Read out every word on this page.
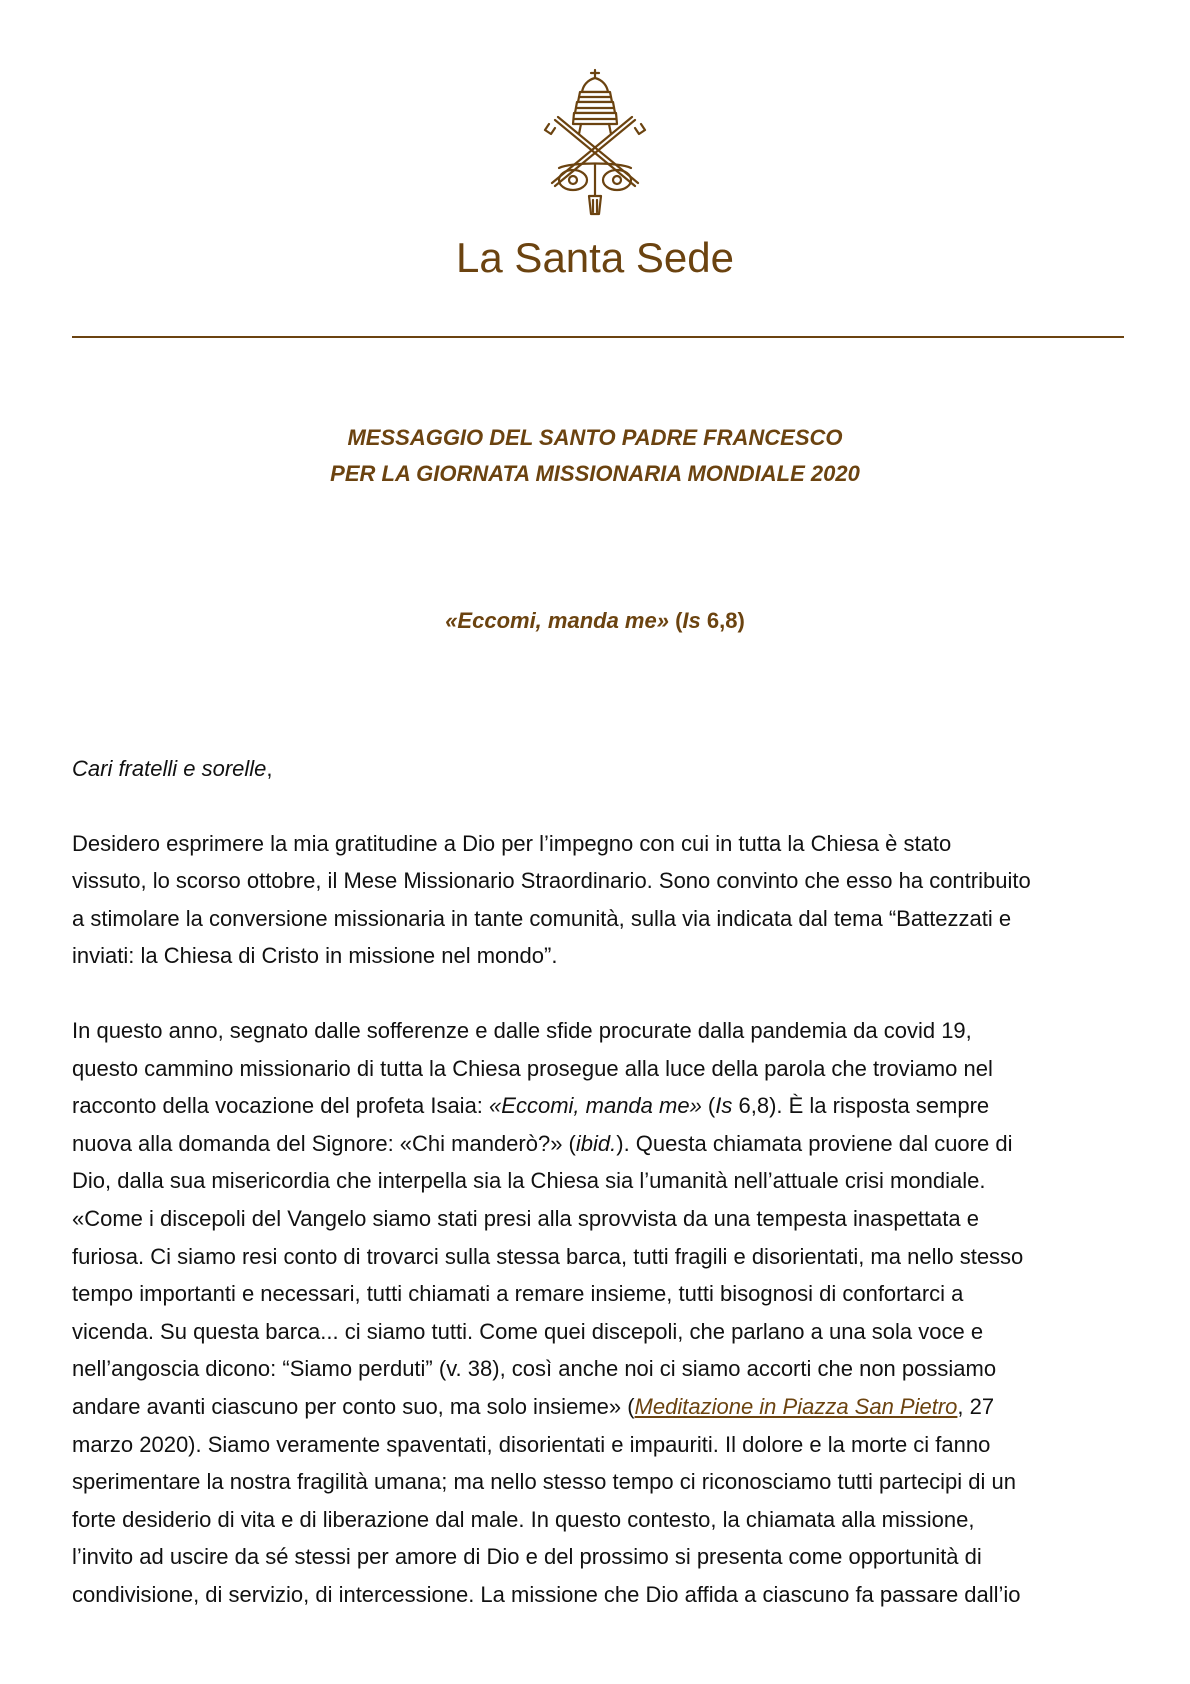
La Santa Sede
MESSAGGIO DEL SANTO PADRE FRANCESCO
PER LA GIORNATA MISSIONARIA MONDIALE 2020
«Eccomi, manda me» (Is 6,8)
Cari fratelli e sorelle,
Desidero esprimere la mia gratitudine a Dio per l’impegno con cui in tutta la Chiesa è stato
vissuto, lo scorso ottobre, il Mese Missionario Straordinario. Sono convinto che esso ha contribuito
a stimolare la conversione missionaria in tante comunità, sulla via indicata dal tema “Battezzati e
inviati: la Chiesa di Cristo in missione nel mondo”.
In questo anno, segnato dalle sofferenze e dalle sfide procurate dalla pandemia da covid 19,
questo cammino missionario di tutta la Chiesa prosegue alla luce della parola che troviamo nel
racconto della vocazione del profeta Isaia: «Eccomi, manda me» (Is 6,8). È la risposta sempre
nuova alla domanda del Signore: «Chi manderò?» (ibid.). Questa chiamata proviene dal cuore di
Dio, dalla sua misericordia che interpella sia la Chiesa sia l’umanità nell’attuale crisi mondiale.
«Come i discepoli del Vangelo siamo stati presi alla sprovvista da una tempesta inaspettata e
furiosa. Ci siamo resi conto di trovarci sulla stessa barca, tutti fragili e disorientati, ma nello stesso
tempo importanti e necessari, tutti chiamati a remare insieme, tutti bisognosi di confortarci a
vicenda. Su questa barca... ci siamo tutti. Come quei discepoli, che parlano a una sola voce e
nell’angoscia dicono: “Siamo perduti” (v. 38), così anche noi ci siamo accorti che non possiamo
andare avanti ciascuno per conto suo, ma solo insieme» (Meditazione in Piazza San Pietro, 27
marzo 2020). Siamo veramente spaventati, disorientati e impauriti. Il dolore e la morte ci fanno
sperimentare la nostra fragilità umana; ma nello stesso tempo ci riconosciamo tutti partecipi di un
forte desiderio di vita e di liberazione dal male. In questo contesto, la chiamata alla missione,
l’invito ad uscire da sé stessi per amore di Dio e del prossimo si presenta come opportunità di
condivisione, di servizio, di intercessione. La missione che Dio affida a ciascuno fa passare dall’io
